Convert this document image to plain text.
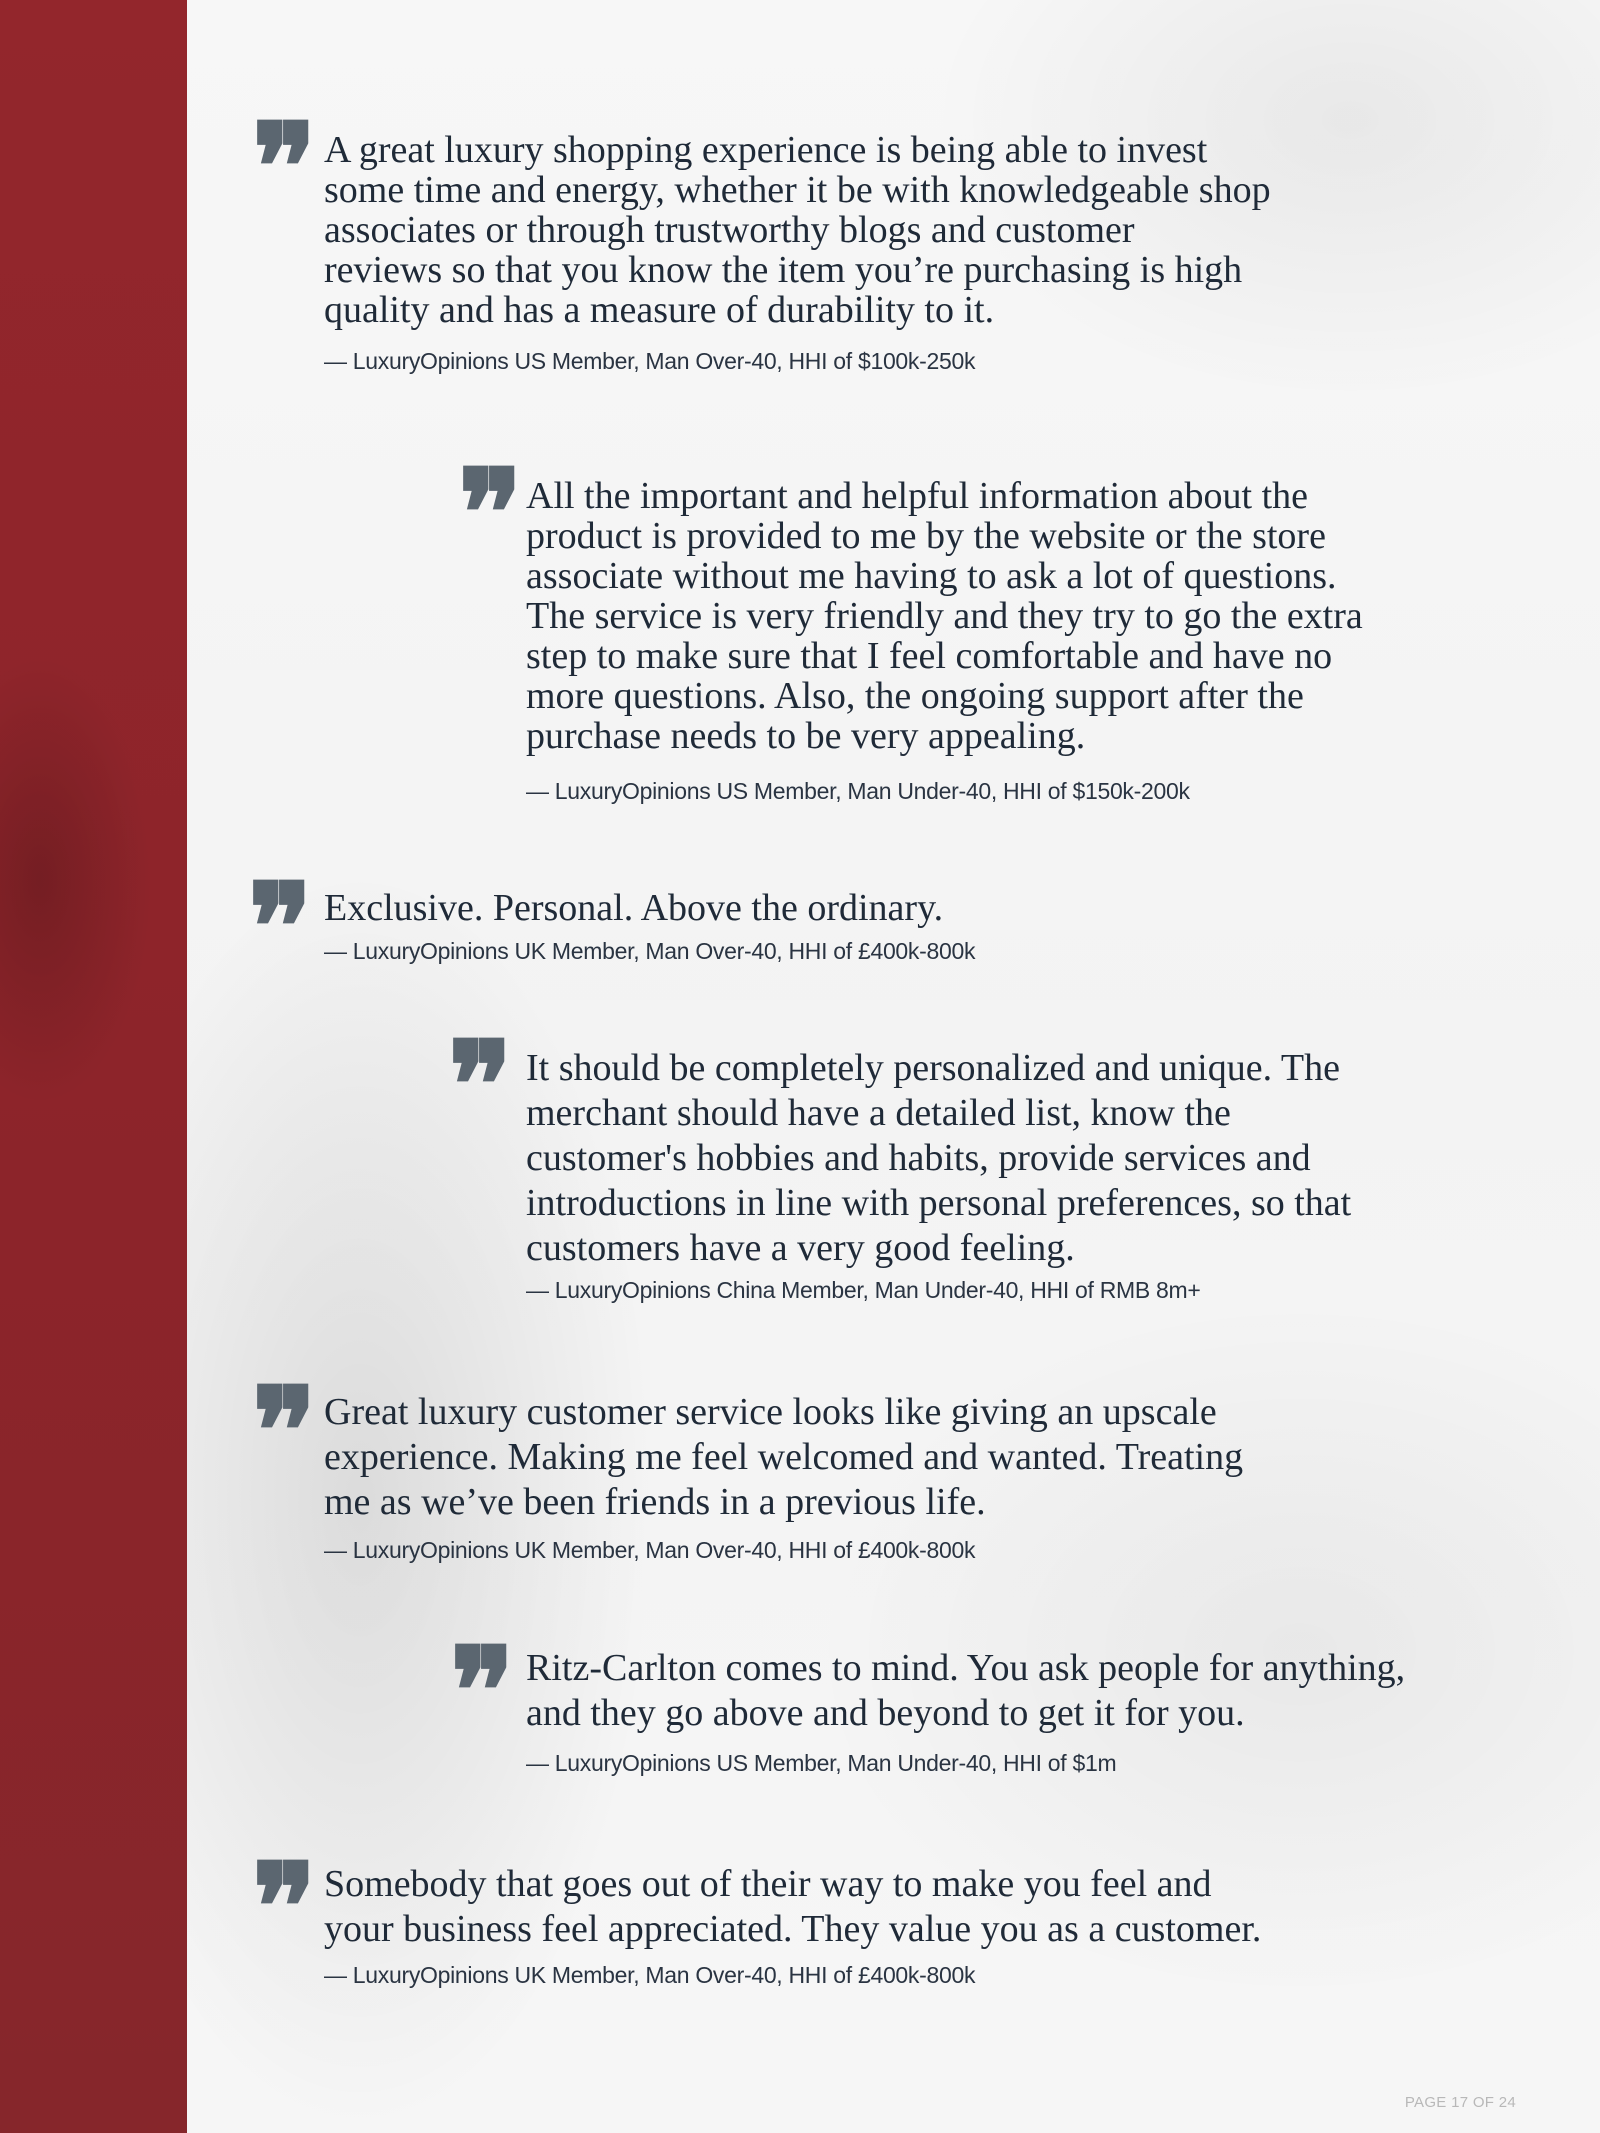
❞ A great luxury shopping experience is being able to invest
some time and energy, whether it be with knowledgeable shop
associates or through trustworthy blogs and customer
reviews so that you know the item you’re purchasing is high
quality and has a measure of durability to it.

— LuxuryOpinions US Member, Man Over-40, HHI of $100k-250k
❞ All the important and helpful information about the
product is provided to me by the website or the store
associate without me having to ask a lot of questions.
The service is very friendly and they try to go the extra
step to make sure that I feel comfortable and have no
more questions. Also, the ongoing support after the
purchase needs to be very appealing.

— LuxuryOpinions US Member, Man Under-40, HHI of $150k-200k
❞ Exclusive. Personal. Above the ordinary.

— LuxuryOpinions UK Member, Man Over-40, HHI of £400k-800k
❞ It should be completely personalized and unique. The
merchant should have a detailed list, know the
customer's hobbies and habits, provide services and
introductions in line with personal preferences, so that
customers have a very good feeling.

— LuxuryOpinions China Member, Man Under-40, HHI of RMB 8m+
❞ Great luxury customer service looks like giving an upscale
experience. Making me feel welcomed and wanted. Treating
me as we’ve been friends in a previous life.

— LuxuryOpinions UK Member, Man Over-40, HHI of £400k-800k
❞ Ritz-Carlton comes to mind. You ask people for anything,
and they go above and beyond to get it for you.

— LuxuryOpinions US Member, Man Under-40, HHI of $1m
❞ Somebody that goes out of their way to make you feel and
your business feel appreciated. They value you as a customer.

— LuxuryOpinions UK Member, Man Over-40, HHI of £400k-800k
PAGE 17 OF 24
